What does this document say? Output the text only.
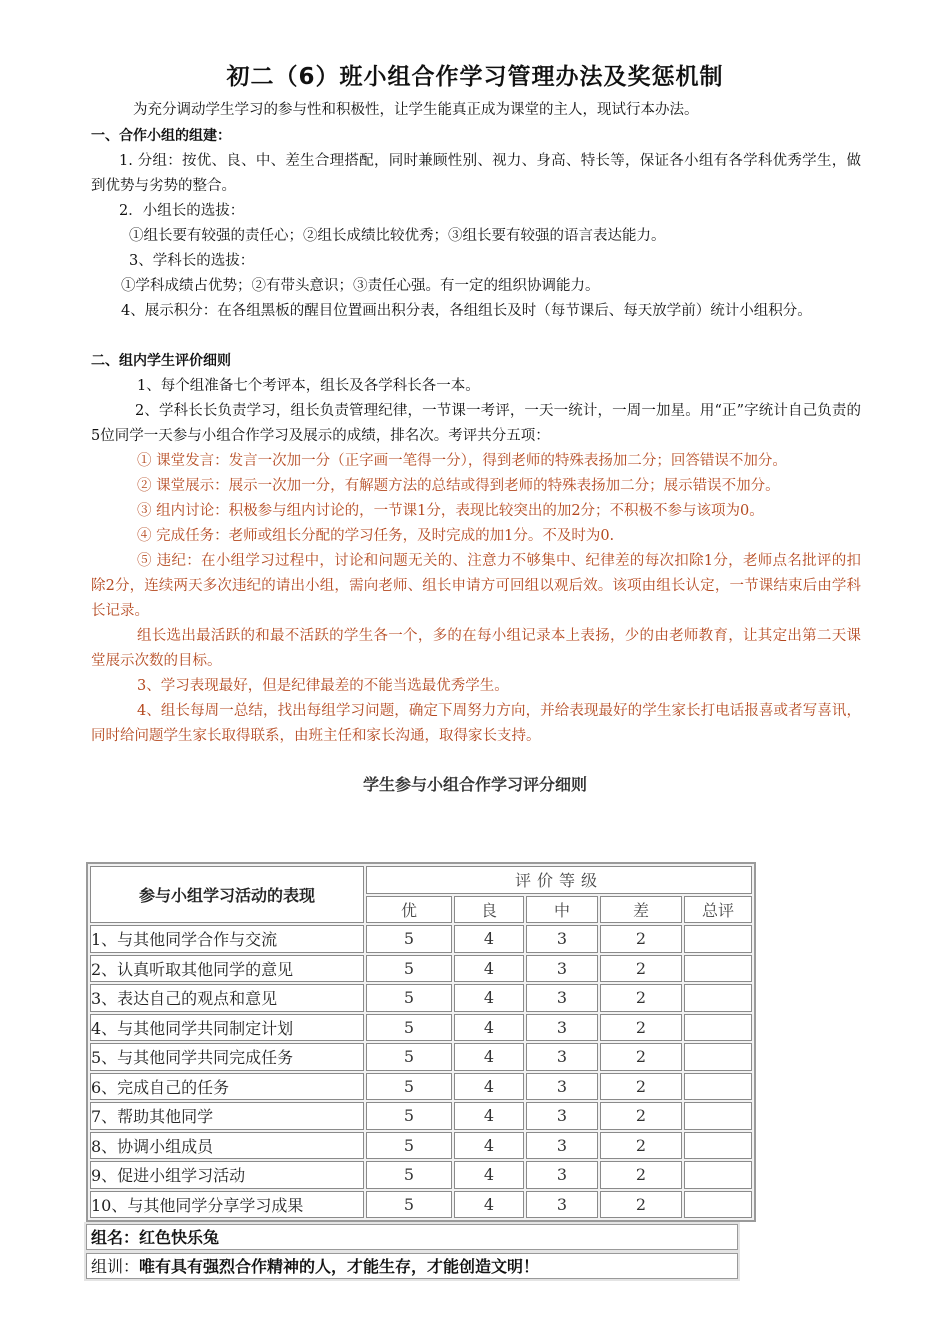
初二（6）班小组合作学习管理办法及奖惩机制
为充分调动学生学习的参与性和积极性，让学生能真正成为课堂的主人，现试行本办法。
一、合作小组的组建：
1. 分组：按优、良、中、差生合理搭配，同时兼顾性别、视力、身高、特长等，保证各小组有各学科优秀学生，做到优势与劣势的整合。
2．小组长的选拔：
①组长要有较强的责任心；②组长成绩比较优秀；③组长要有较强的语言表达能力。
3、学科长的选拔：
①学科成绩占优势；②有带头意识；③责任心强。有一定的组织协调能力。
4、展示积分：在各组黑板的醒目位置画出积分表，各组组长及时（每节课后、每天放学前）统计小组积分。
二、组内学生评价细则
1、每个组准备七个考评本，组长及各学科长各一本。
2、学科长长负责学习，组长负责管理纪律，一节课一考评，一天一统计，一周一加星。用“正”字统计自己负责的5位同学一天参与小组合作学习及展示的成绩，排名次。考评共分五项：
① 课堂发言：发言一次加一分（正字画一笔得一分），得到老师的特殊表扬加二分；回答错误不加分。
② 课堂展示：展示一次加一分，有解题方法的总结或得到老师的特殊表扬加二分；展示错误不加分。
③ 组内讨论：积极参与组内讨论的，一节课1分，表现比较突出的加2分；不积极不参与该项为0。
④ 完成任务：老师或组长分配的学习任务，及时完成的加1分。不及时为0.
⑤ 违纪：在小组学习过程中，讨论和问题无关的、注意力不够集中、纪律差的每次扣除1分，老师点名批评的扣除2分，连续两天多次违纪的请出小组，需向老师、组长申请方可回组以观后效。该项由组长认定，一节课结束后由学科长记录。
组长选出最活跃的和最不活跃的学生各一个，多的在每小组记录本上表扬，少的由老师教育，让其定出第二天课堂展示次数的目标。
3、学习表现最好，但是纪律最差的不能当选最优秀学生。
4、组长每周一总结，找出每组学习问题，确定下周努力方向，并给表现最好的学生家长打电话报喜或者写喜讯，同时给问题学生家长取得联系，由班主任和家长沟通，取得家长支持。
学生参与小组合作学习评分细则
参与小组学习活动的表现	评价等级				
	优	良	中	差	总评
1、与其他同学合作与交流	5	4	3	2	
2、认真听取其他同学的意见	5	4	3	2	
3、表达自己的观点和意见	5	4	3	2	
4、与其他同学共同制定计划	5	4	3	2	
5、与其他同学共同完成任务	5	4	3	2	
6、完成自己的任务	5	4	3	2	
7、帮助其他同学	5	4	3	2	
8、协调小组成员	5	4	3	2	
9、促进小组学习活动	5	4	3	2	
10、与其他同学分享学习成果	5	4	3	2	
组名：红色快乐兔
组训：唯有具有强烈合作精神的人，才能生存，才能创造文明！
